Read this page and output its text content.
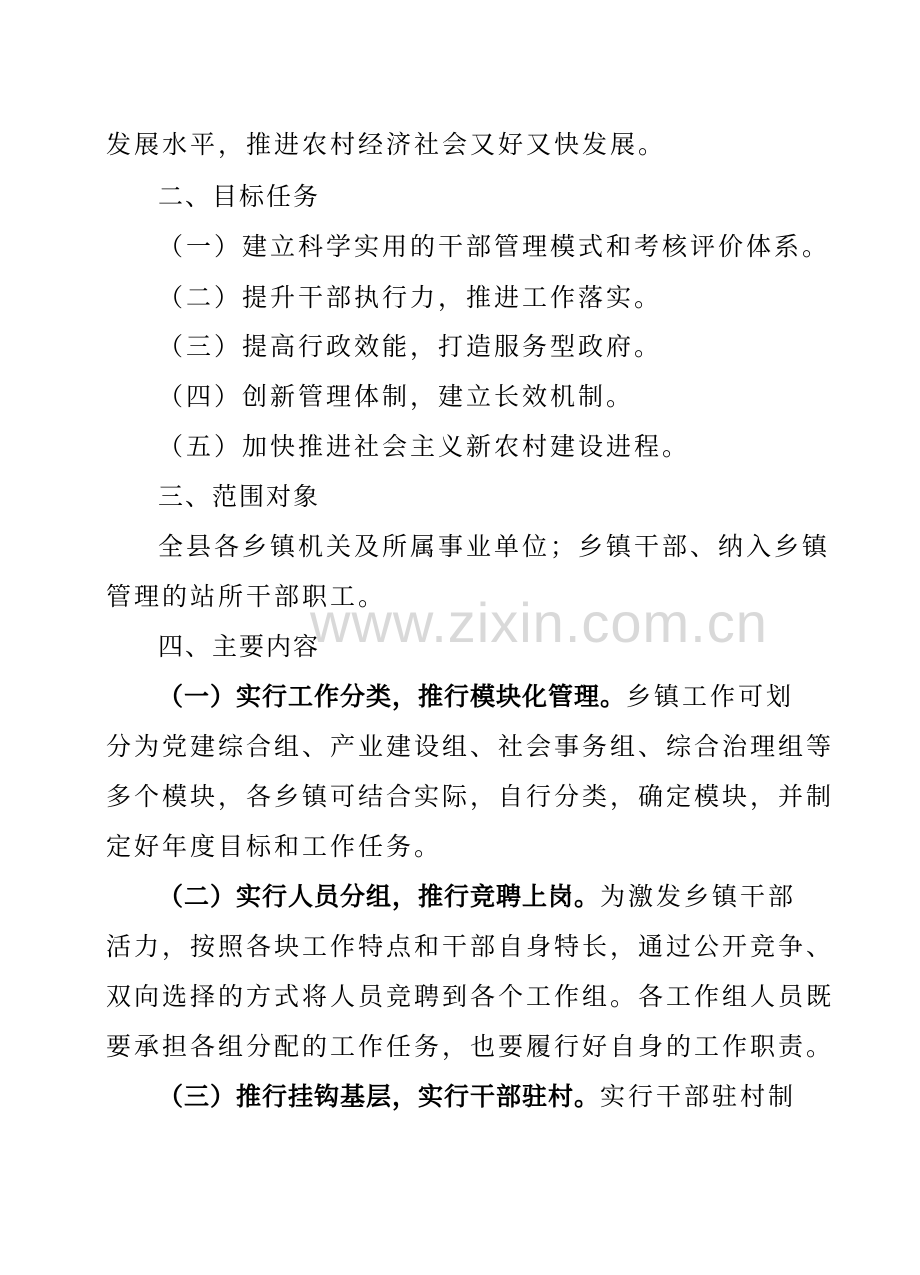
发展水平，推进农村经济社会又好又快发展。
二、目标任务
（一）建立科学实用的干部管理模式和考核评价体系。
（二）提升干部执行力，推进工作落实。
（三）提高行政效能，打造服务型政府。
（四）创新管理体制，建立长效机制。
（五）加快推进社会主义新农村建设进程。
三、范围对象
全县各乡镇机关及所属事业单位；乡镇干部、纳入乡镇
管理的站所干部职工。
四、主要内容
（一）实行工作分类，推行模块化管理。乡镇工作可划
分为党建综合组、产业建设组、社会事务组、综合治理组等
多个模块，各乡镇可结合实际，自行分类，确定模块，并制
定好年度目标和工作任务。
（二）实行人员分组，推行竞聘上岗。为激发乡镇干部
活力，按照各块工作特点和干部自身特长，通过公开竞争、
双向选择的方式将人员竞聘到各个工作组。各工作组人员既
要承担各组分配的工作任务，也要履行好自身的工作职责。
（三）推行挂钩基层，实行干部驻村。实行干部驻村制
www.zixin.com.cn
